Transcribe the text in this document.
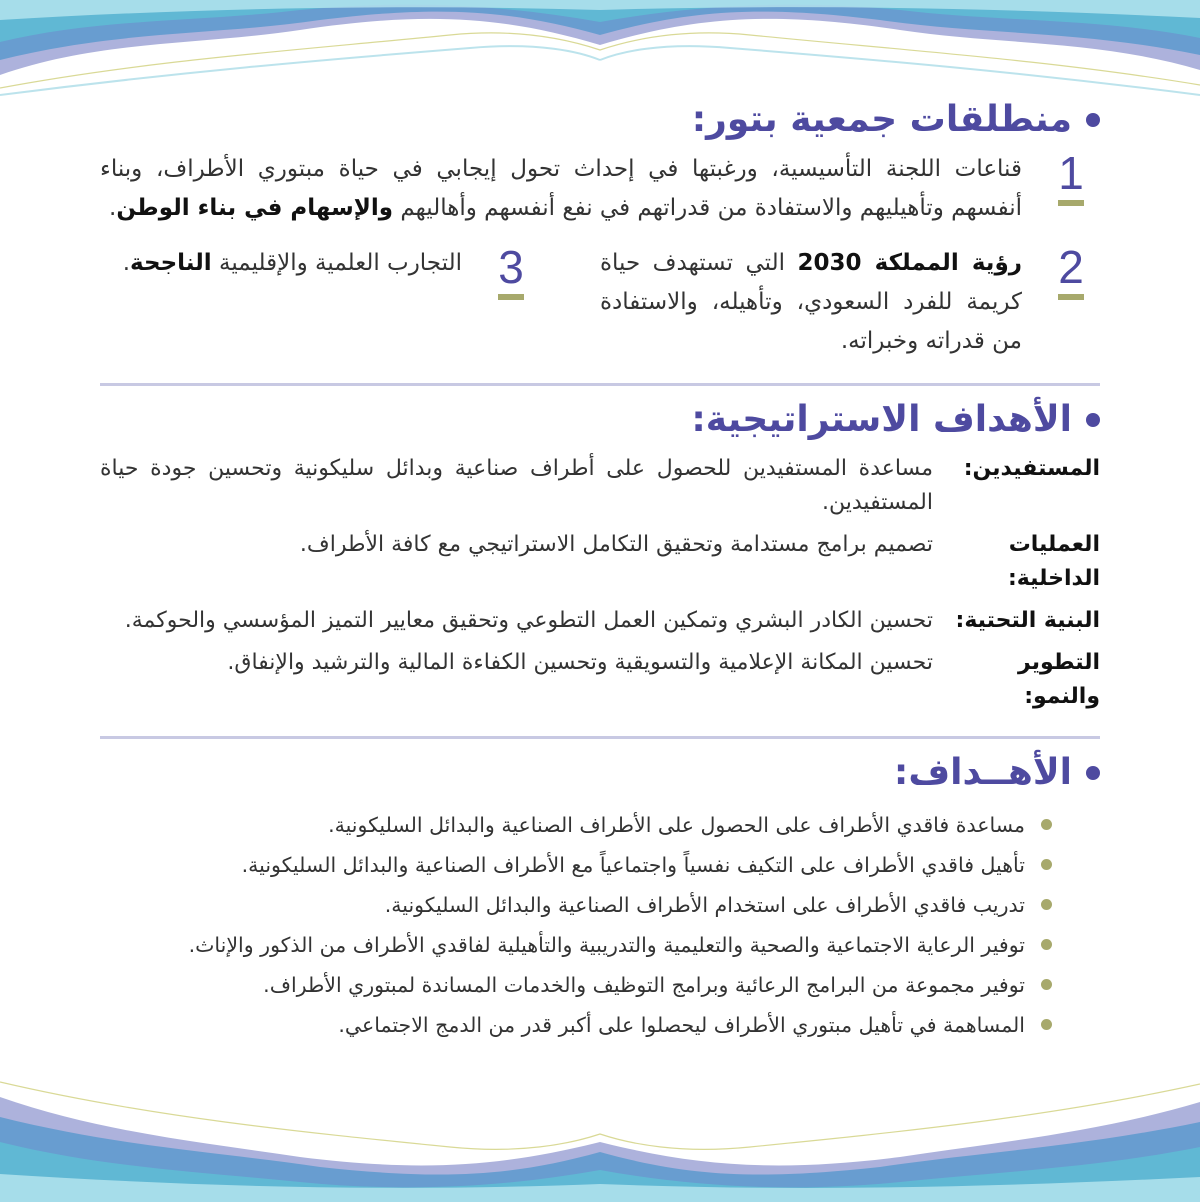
منطلقات جمعية بتور:
1
قناعات اللجنة التأسيسية، ورغبتها في إحداث تحول إيجابي في حياة مبتوري الأطراف، وبناء أنفسهم وتأهيليهم والاستفادة من قدراتهم في نفع أنفسهم وأهاليهم والإسهام في بناء الوطن.
2
رؤية المملكة 2030 التي تستهدف حياة كريمة للفرد السعودي، وتأهيله، والاستفادة من قدراته وخبراته.
3
التجارب العلمية والإقليمية الناجحة.
الأهداف الاستراتيجية:
المستفيدين:
مساعدة المستفيدين للحصول على أطراف صناعية وبدائل سليكونية وتحسين جودة حياة المستفيدين.
العمليات الداخلية:
تصميم برامج مستدامة وتحقيق التكامل الاستراتيجي مع كافة الأطراف.
البنية التحتية:
تحسين الكادر البشري وتمكين العمل التطوعي وتحقيق معايير التميز المؤسسي والحوكمة.
التطوير والنمو:
تحسين المكانة الإعلامية والتسويقية وتحسين الكفاءة المالية والترشيد والإنفاق.
الأهــداف:
مساعدة فاقدي الأطراف على الحصول على الأطراف الصناعية والبدائل السليكونية.
تأهيل فاقدي الأطراف على التكيف نفسياً واجتماعياً مع الأطراف الصناعية والبدائل السليكونية.
تدريب فاقدي الأطراف على استخدام الأطراف الصناعية والبدائل السليكونية.
توفير الرعاية الاجتماعية والصحية والتعليمية والتدريبية والتأهيلية لفاقدي الأطراف من الذكور والإناث.
توفير مجموعة من البرامج الرعائية وبرامج التوظيف والخدمات المساندة لمبتوري الأطراف.
المساهمة في تأهيل مبتوري الأطراف ليحصلوا على أكبر قدر من الدمج الاجتماعي.
